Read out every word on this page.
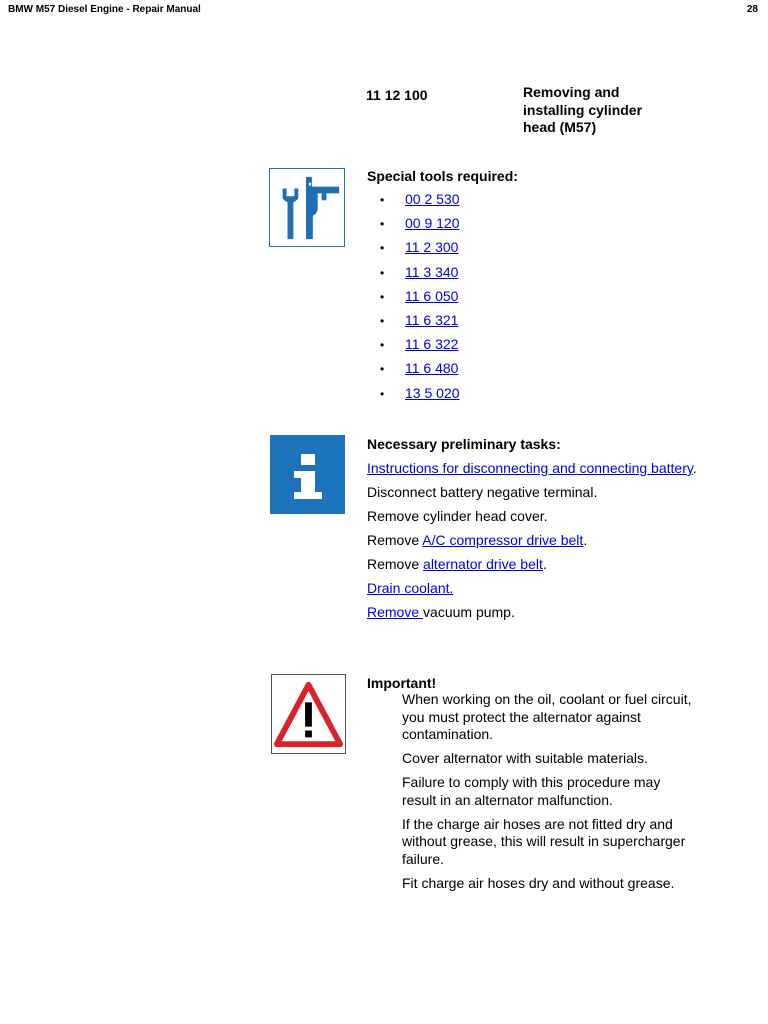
BMW M57 Diesel Engine - Repair Manual	28
11 12 100	Removing and installing cylinder head (M57)
Special tools required:
• 00 2 530
• 00 9 120
• 11 2 300
• 11 3 340
• 11 6 050
• 11 6 321
• 11 6 322
• 11 6 480
• 13 5 020
Necessary preliminary tasks:

Instructions for disconnecting and connecting battery.

Disconnect battery negative terminal.

Remove cylinder head cover.

Remove A/C compressor drive belt.

Remove alternator drive belt.

Drain coolant.

Remove vacuum pump.

Important!

When working on the oil, coolant or fuel circuit, you must protect the alternator against contamination.

Cover alternator with suitable materials.

Failure to comply with this procedure may result in an alternator malfunction.

If the charge air hoses are not fitted dry and without grease, this will result in supercharger failure.

Fit charge air hoses dry and without grease.
